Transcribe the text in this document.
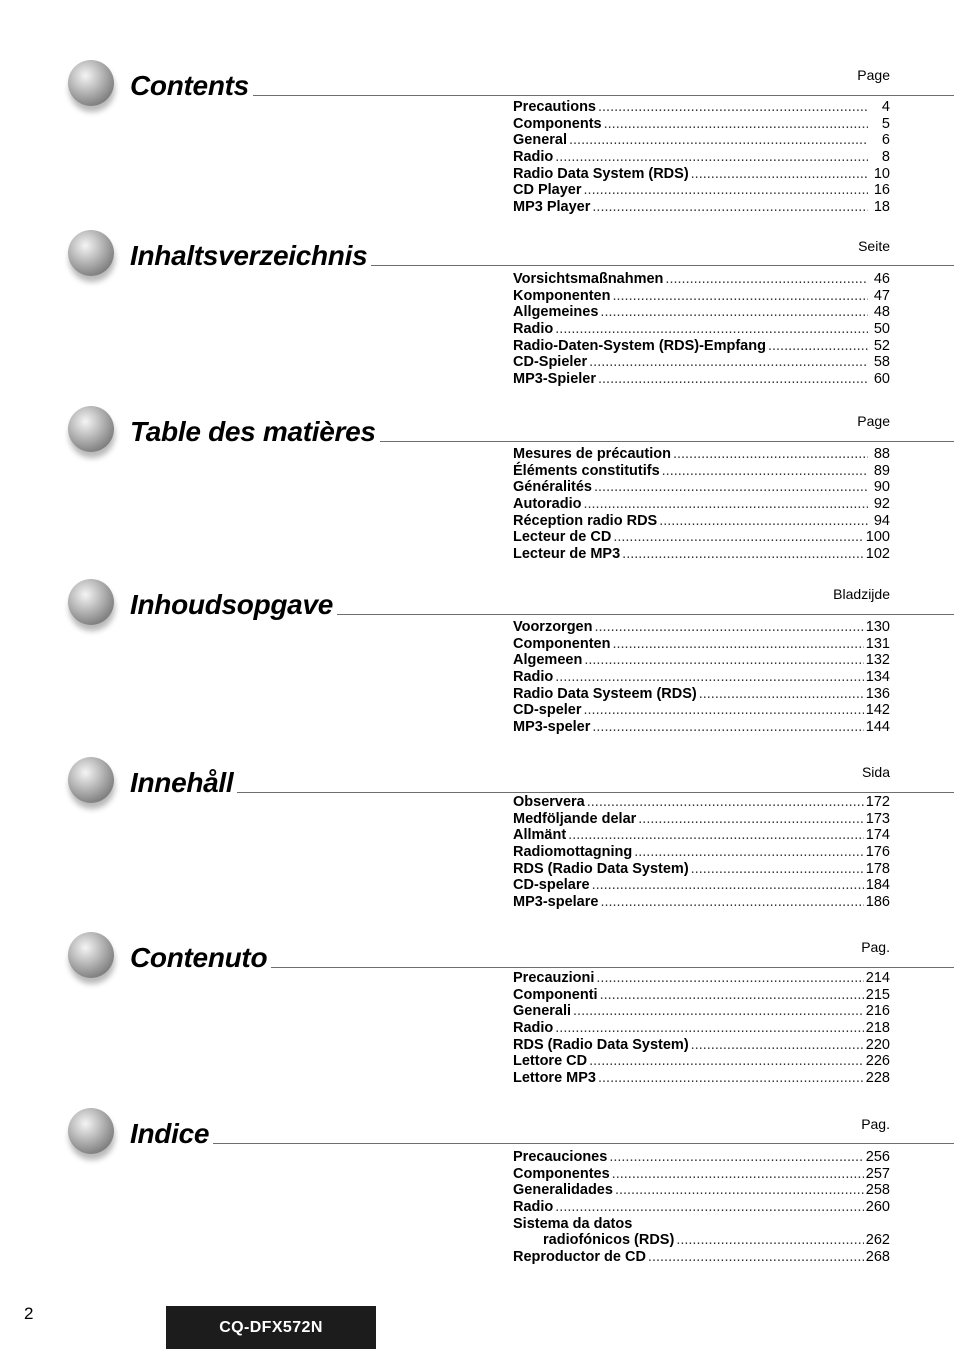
Contents	Page
Precautions .....	4
Components .....	5
General .....	6
Radio .....	8
Radio Data System (RDS) .....	10
CD Player .....	16
MP3 Player .....	18
Inhaltsverzeichnis	Seite
Vorsichtsmaßnahmen .....	46
Komponenten .....	47
Allgemeines .....	48
Radio .....	50
Radio-Daten-System (RDS)-Empfang .....	52
CD-Spieler .....	58
MP3-Spieler .....	60
Table des matières	Page
Mesures de précaution .....	88
Éléments constitutifs .....	89
Généralités .....	90
Autoradio .....	92
Réception radio RDS .....	94
Lecteur de CD .....	100
Lecteur de MP3 .....	102
Inhoudsopgave	Bladzijde
Voorzorgen .....	130
Componenten .....	131
Algemeen .....	132
Radio .....	134
Radio Data Systeem (RDS) .....	136
CD-speler .....	142
MP3-speler .....	144
Innehåll	Sida
Observera .....	172
Medföljande delar .....	173
Allmänt .....	174
Radiomottagning .....	176
RDS (Radio Data System) .....	178
CD-spelare .....	184
MP3-spelare .....	186
Contenuto	Pag.
Precauzioni .....	214
Componenti .....	215
Generali .....	216
Radio .....	218
RDS (Radio Data System) .....	220
Lettore CD .....	226
Lettore MP3 .....	228
Indice	Pag.
Precauciones .....	256
Componentes .....	257
Generalidades .....	258
Radio .....	260
Sistema da datos
radiofónicos (RDS) .....	262
Reproductor de CD .....	268
2
CQ-DFX572N
